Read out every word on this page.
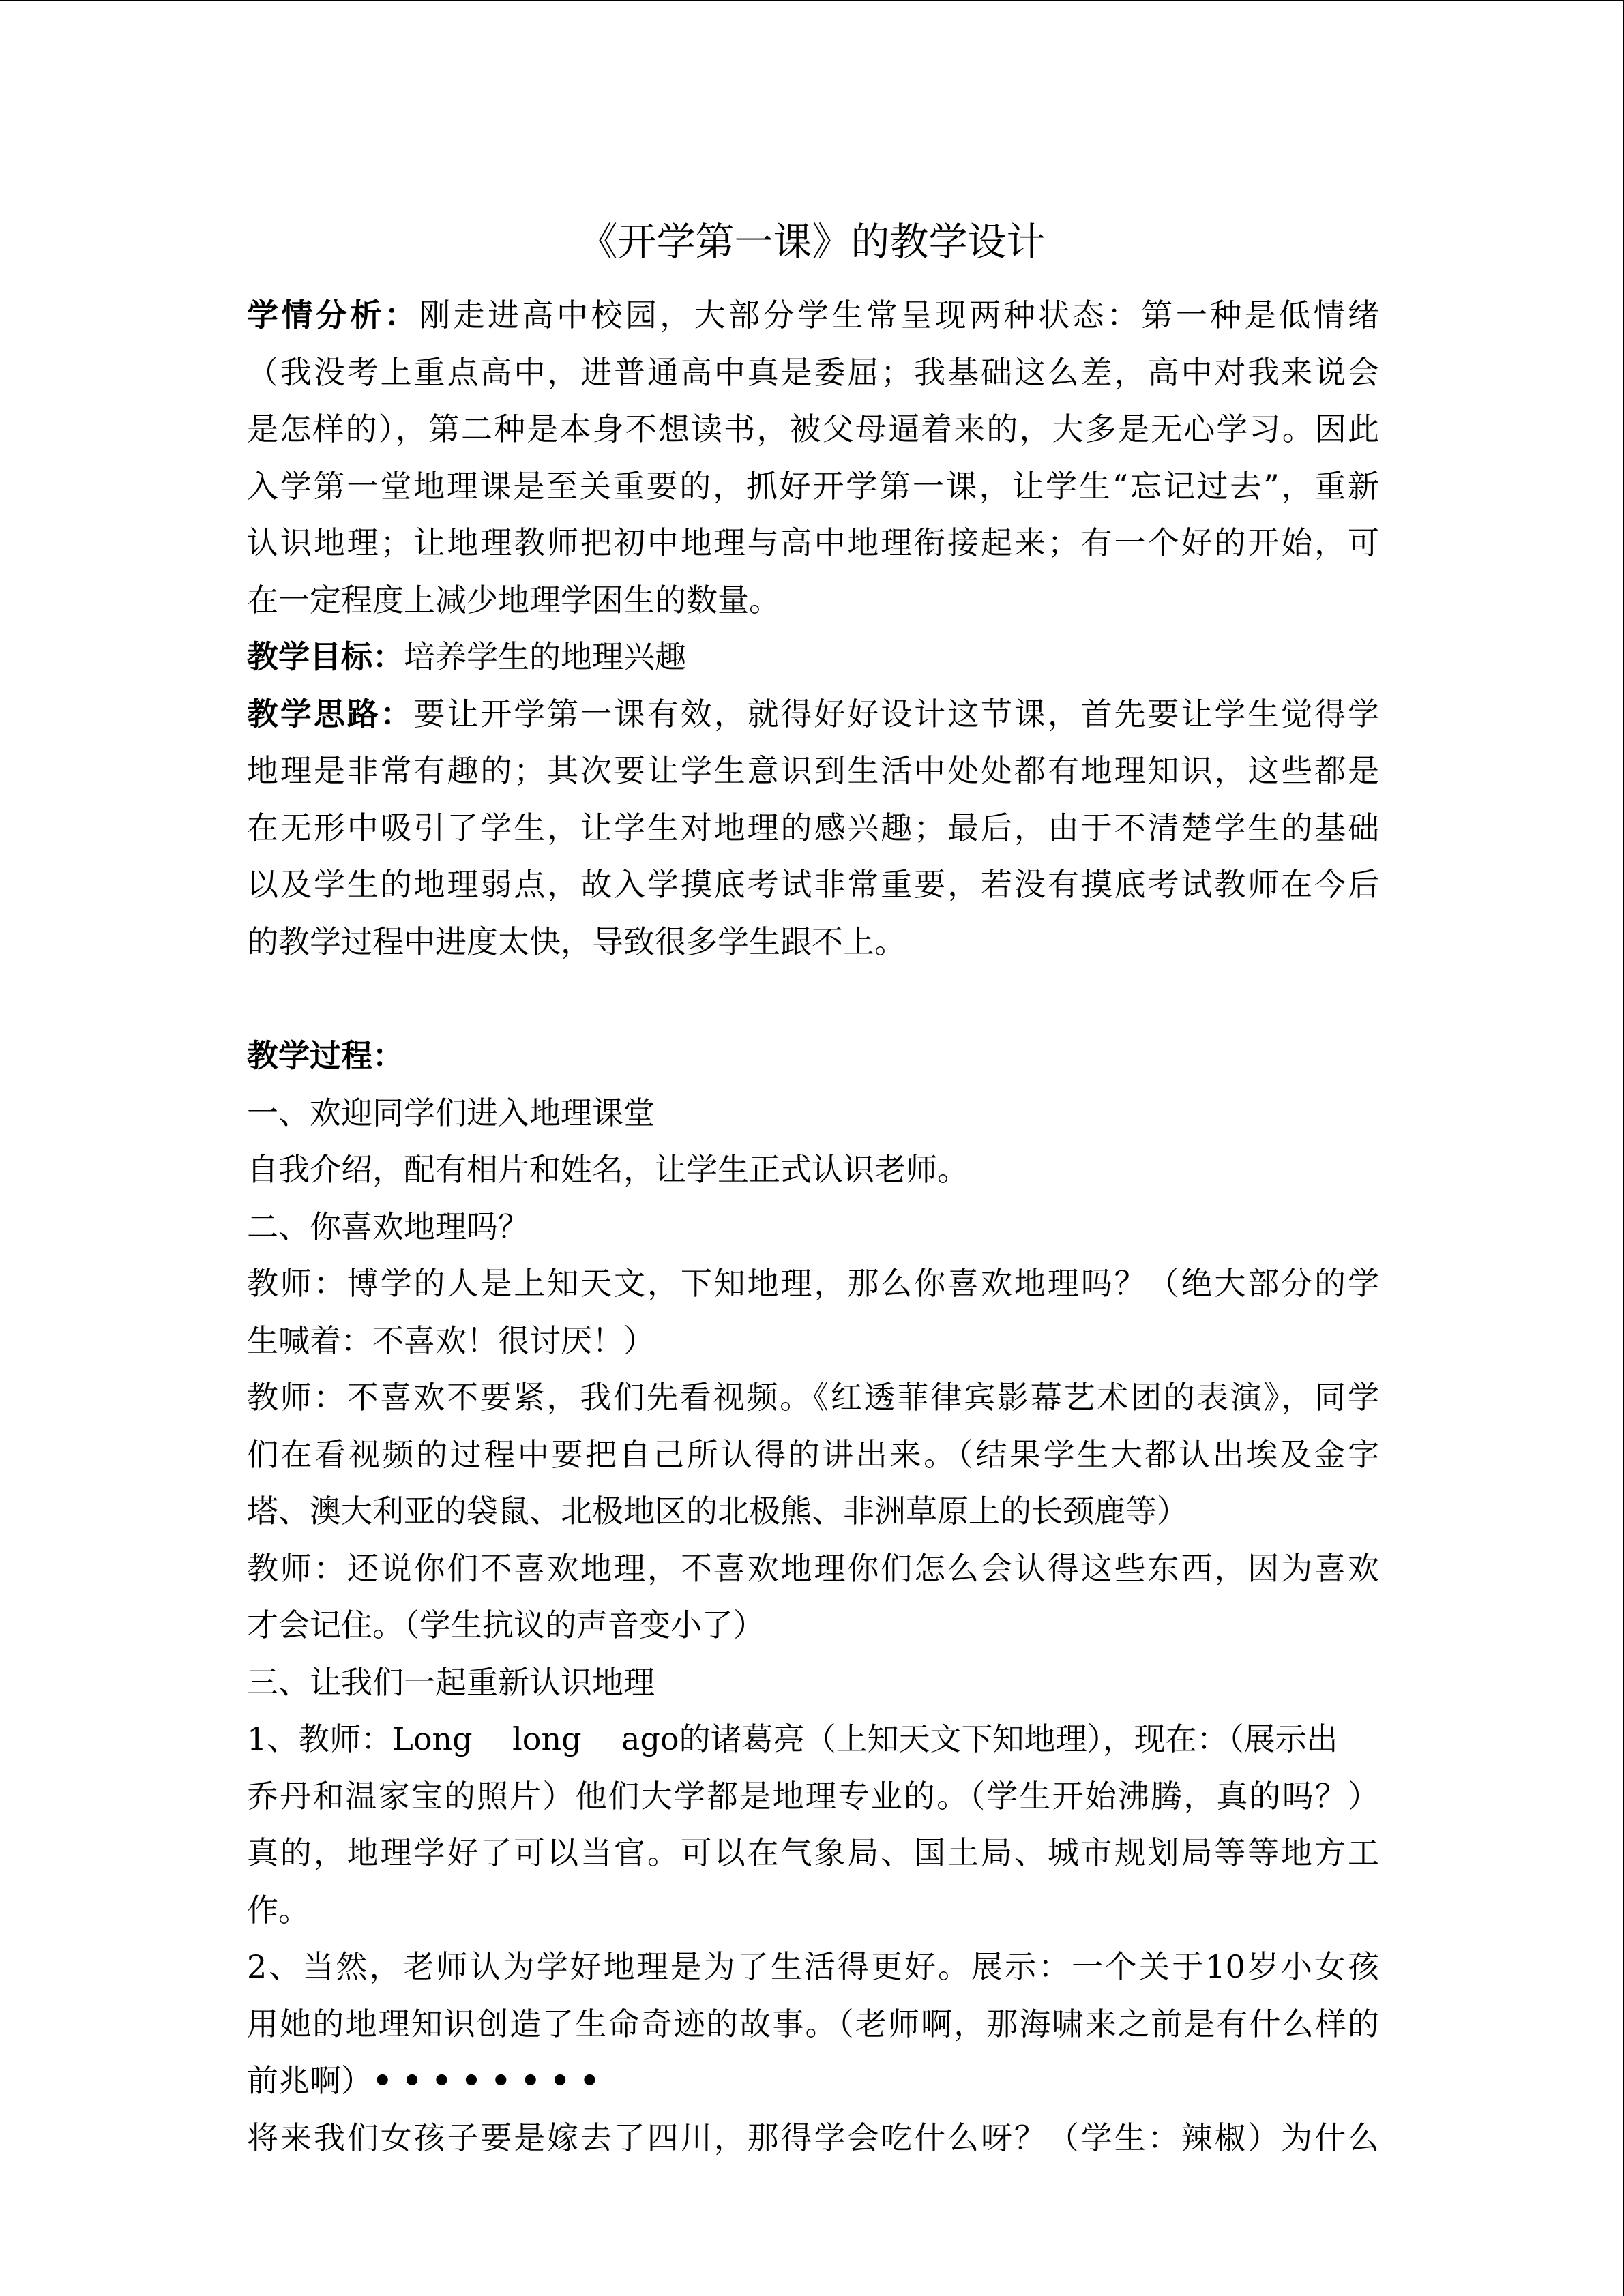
《开学第一课》的教学设计
学情分析：刚走进高中校园，大部分学生常呈现两种状态：第一种是低情绪
（我没考上重点高中，进普通高中真是委屈；我基础这么差，高中对我来说会
是怎样的），第二种是本身不想读书，被父母逼着来的，大多是无心学习。因此
入学第一堂地理课是至关重要的，抓好开学第一课，让学生“忘记过去”，重新
认识地理；让地理教师把初中地理与高中地理衔接起来；有一个好的开始，可
在一定程度上减少地理学困生的数量。
教学目标：培养学生的地理兴趣
教学思路：要让开学第一课有效，就得好好设计这节课，首先要让学生觉得学
地理是非常有趣的；其次要让学生意识到生活中处处都有地理知识，这些都是
在无形中吸引了学生，让学生对地理的感兴趣；最后，由于不清楚学生的基础
以及学生的地理弱点，故入学摸底考试非常重要，若没有摸底考试教师在今后
的教学过程中进度太快，导致很多学生跟不上。
教学过程：
一、欢迎同学们进入地理课堂
自我介绍，配有相片和姓名，让学生正式认识老师。
二、你喜欢地理吗？
教师：博学的人是上知天文，下知地理，那么你喜欢地理吗？（绝大部分的学
生喊着：不喜欢！很讨厌！）
教师：不喜欢不要紧，我们先看视频。《红透菲律宾影幕艺术团的表演》，同学
们在看视频的过程中要把自己所认得的讲出来。（结果学生大都认出埃及金字
塔、澳大利亚的袋鼠、北极地区的北极熊、非洲草原上的长颈鹿等）
教师：还说你们不喜欢地理，不喜欢地理你们怎么会认得这些东西，因为喜欢
才会记住。（学生抗议的声音变小了）
三、让我们一起重新认识地理
1、教师：Long    long    ago的诸葛亮（上知天文下知地理），现在：（展示出
乔丹和温家宝的照片）他们大学都是地理专业的。（学生开始沸腾，真的吗？）
真的，地理学好了可以当官。可以在气象局、国土局、城市规划局等等地方工
作。
2、当然，老师认为学好地理是为了生活得更好。展示：一个关于10岁小女孩
用她的地理知识创造了生命奇迹的故事。（老师啊，那海啸来之前是有什么样的
前兆啊）••••••••
将来我们女孩子要是嫁去了四川，那得学会吃什么呀？（学生：辣椒）为什么
